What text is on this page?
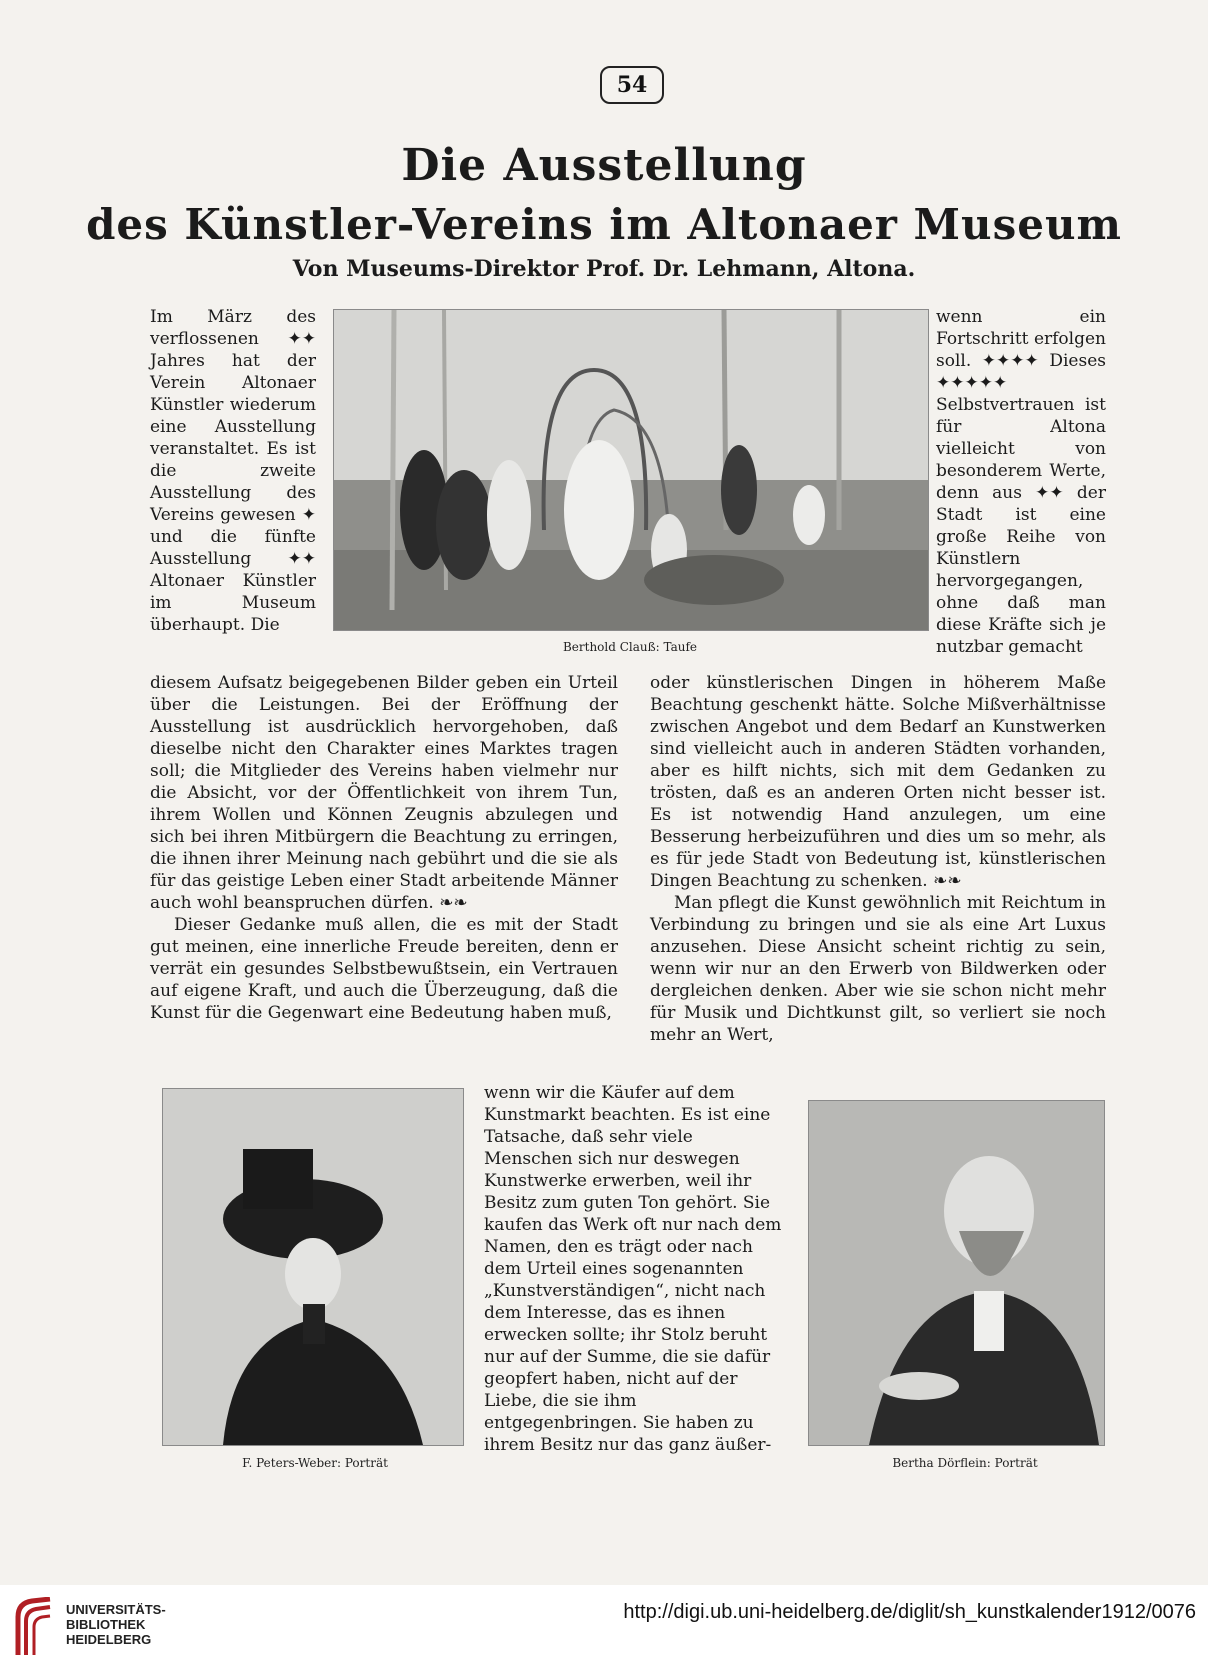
54
Die Ausstellung
des Künstler-Vereins im Altonaer Museum
Von Museums-Direktor Prof. Dr. Lehmann, Altona.
Berthold Clauß: Taufe
Im März des verflossenen ✦✦ Jahres hat der Verein Altonaer Künstler wiederum eine Ausstellung veranstaltet. Es ist die zweite Ausstellung des Vereins gewesen ✦ und die fünfte Ausstellung ✦✦ Altonaer Künstler im Museum überhaupt. Die
wenn ein Fortschritt erfolgen soll. ✦✦✦✦ Dieses ✦✦✦✦✦ Selbstvertrauen ist für Altona vielleicht von besonderem Werte, denn aus ✦✦ der Stadt ist eine große Reihe von Künstlern hervorgegangen, ohne daß man diese Kräfte sich je nutzbar gemacht

diesem Aufsatz beigegebenen Bilder geben ein Urteil über die Leistungen. Bei der Eröffnung der Ausstellung ist ausdrücklich hervorgehoben, daß dieselbe nicht den Charakter eines Marktes tragen soll; die Mitglieder des Vereins haben vielmehr nur die Absicht, vor der Öffentlichkeit von ihrem Tun, ihrem Wollen und Können Zeugnis abzulegen und sich bei ihren Mitbürgern die Beachtung zu erringen, die ihnen ihrer Meinung nach gebührt und die sie als für das geistige Leben einer Stadt arbeitende Männer auch wohl beanspruchen dürfen. ❧❧

Dieser Gedanke muß allen, die es mit der Stadt gut meinen, eine innerliche Freude bereiten, denn er verrät ein gesundes Selbstbewußtsein, ein Vertrauen auf eigene Kraft, und auch die Überzeugung, daß die Kunst für die Gegenwart eine Bedeutung haben muß,

oder künstlerischen Dingen in höherem Maße Beachtung geschenkt hätte. Solche Mißverhältnisse zwischen Angebot und dem Bedarf an Kunstwerken sind vielleicht auch in anderen Städten vorhanden, aber es hilft nichts, sich mit dem Gedanken zu trösten, daß es an anderen Orten nicht besser ist. Es ist notwendig Hand anzulegen, um eine Besserung herbeizuführen und dies um so mehr, als es für jede Stadt von Bedeutung ist, künstlerischen Dingen Beachtung zu schenken. ❧❧

Man pflegt die Kunst gewöhnlich mit Reichtum in Verbindung zu bringen und sie als eine Art Luxus anzusehen. Diese Ansicht scheint richtig zu sein, wenn wir nur an den Erwerb von Bildwerken oder dergleichen denken. Aber wie sie schon nicht mehr für Musik und Dichtkunst gilt, so verliert sie noch mehr an Wert,

F. Peters-Weber: Porträt
wenn wir die Käufer auf dem Kunstmarkt beachten. Es ist eine Tatsache, daß sehr viele Menschen sich nur deswegen Kunstwerke erwerben, weil ihr Besitz zum guten Ton gehört. Sie kaufen das Werk oft nur nach dem Namen, den es trägt oder nach dem Urteil eines sogenannten „Kunstverständigen“, nicht nach dem Interesse, das es ihnen erwecken sollte; ihr Stolz beruht nur auf der Summe, die sie dafür geopfert haben, nicht auf der Liebe, die sie ihm entgegenbringen. Sie haben zu ihrem Besitz nur das ganz äußer-
Bertha Dörflein: Porträt
UNIVERSITÄTS-
BIBLIOTHEK
HEIDELBERG
http://digi.ub.uni-heidelberg.de/diglit/sh_kunstkalender1912/0076
